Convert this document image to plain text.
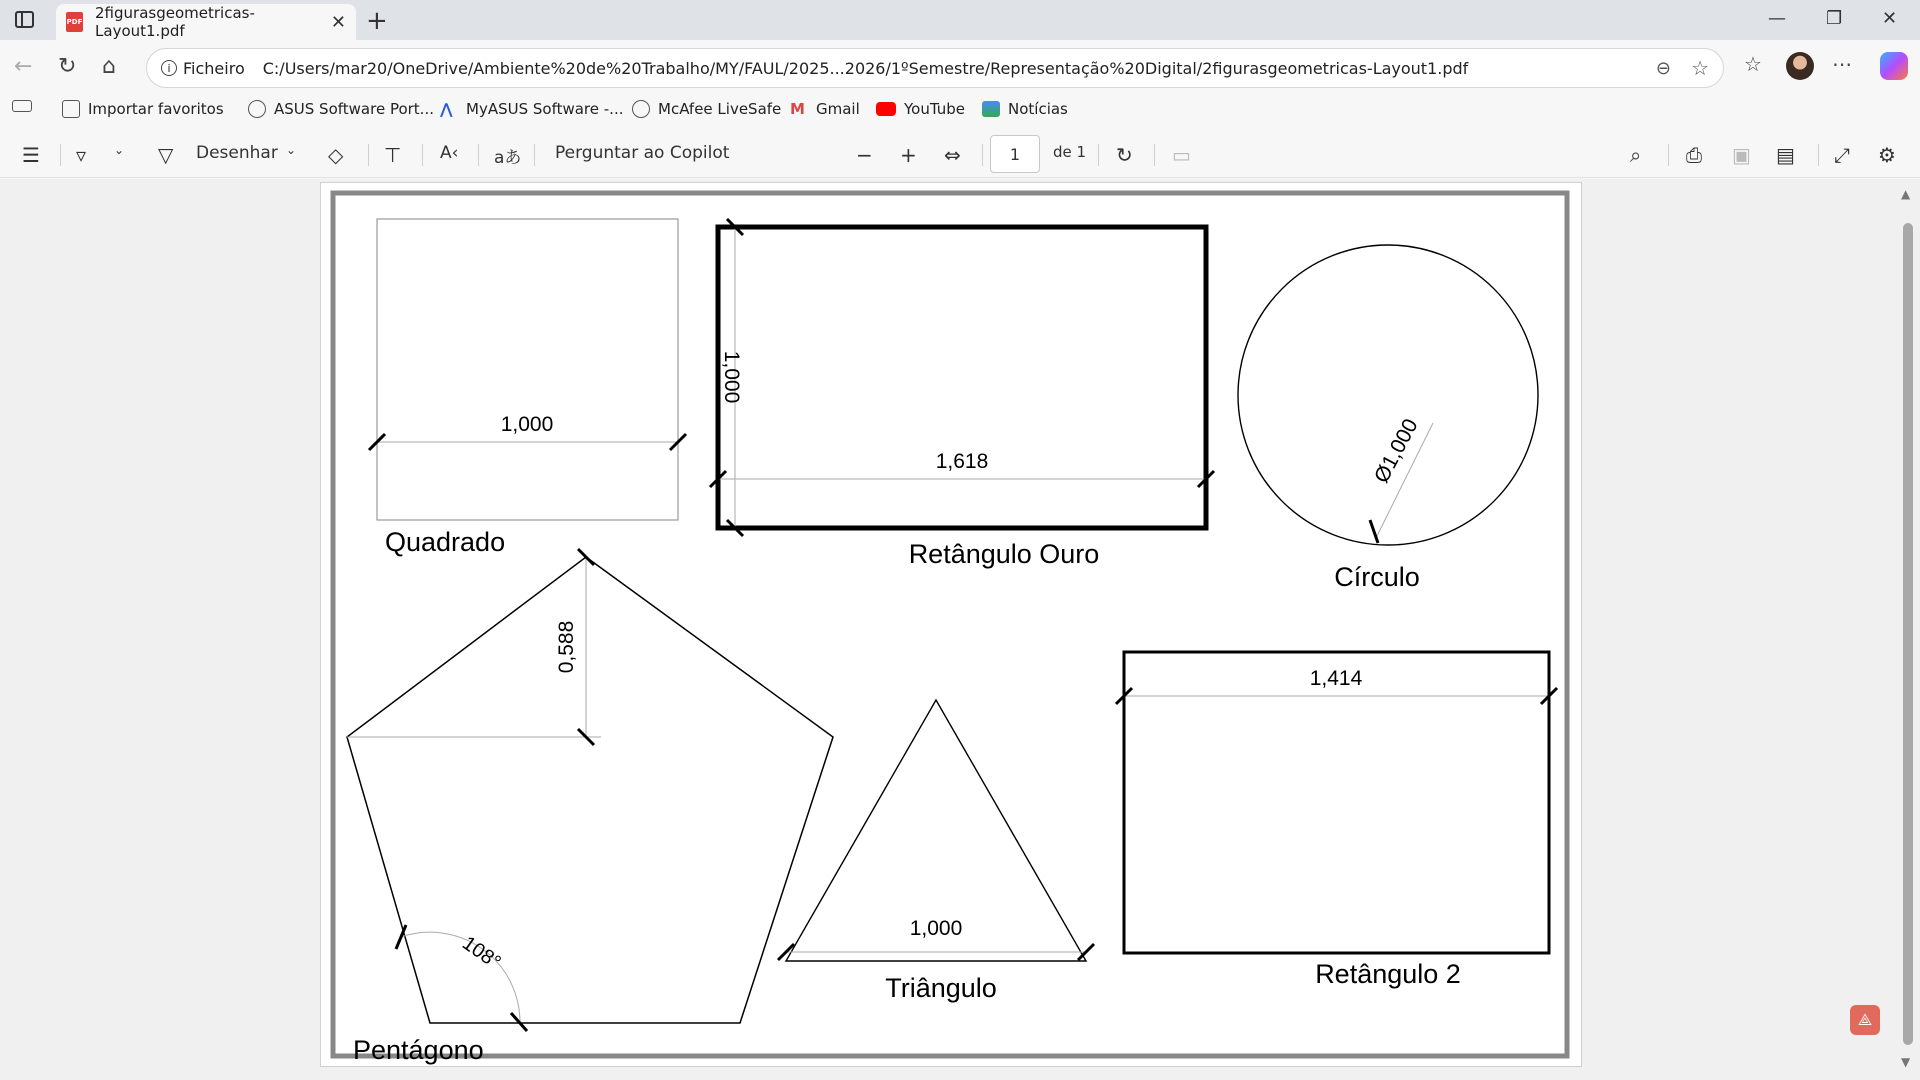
PDF 2figurasgeometricas-Layout1.pdf	✕ +	— ❐ ✕
← ↻ ⌂	i Ficheiro C:/Users/mar20/OneDrive/Ambiente%20de%20Trabalho/MY/FAUL/2025...2026/1ºSemestre/Representação%20Digital/2figurasgeometricas-Layout1.pdf	⊖ ☆ ☆	⋯
Importar favoritos	ASUS Software Port... ⋀ MyASUS Software -... McAfee LiveSafe M Gmail	YouTube	Notícias
☰ ▿ ⌄ ▽ Desenhar ⌄ ◇ ⊤ A‹ aあ Perguntar ao Copilot	− + ⇔	1	de 1 ↻ ▭	⌕ ⎙ ▣ ▤ ⤢ ⚙
1,000
Quadrado
1,000
1,618
Retângulo Ouro
Ø1,000
Círculo
0,588
108°
Pentágono
1,000
Triângulo
1,414
Retângulo 2
▲
▼
⟁
